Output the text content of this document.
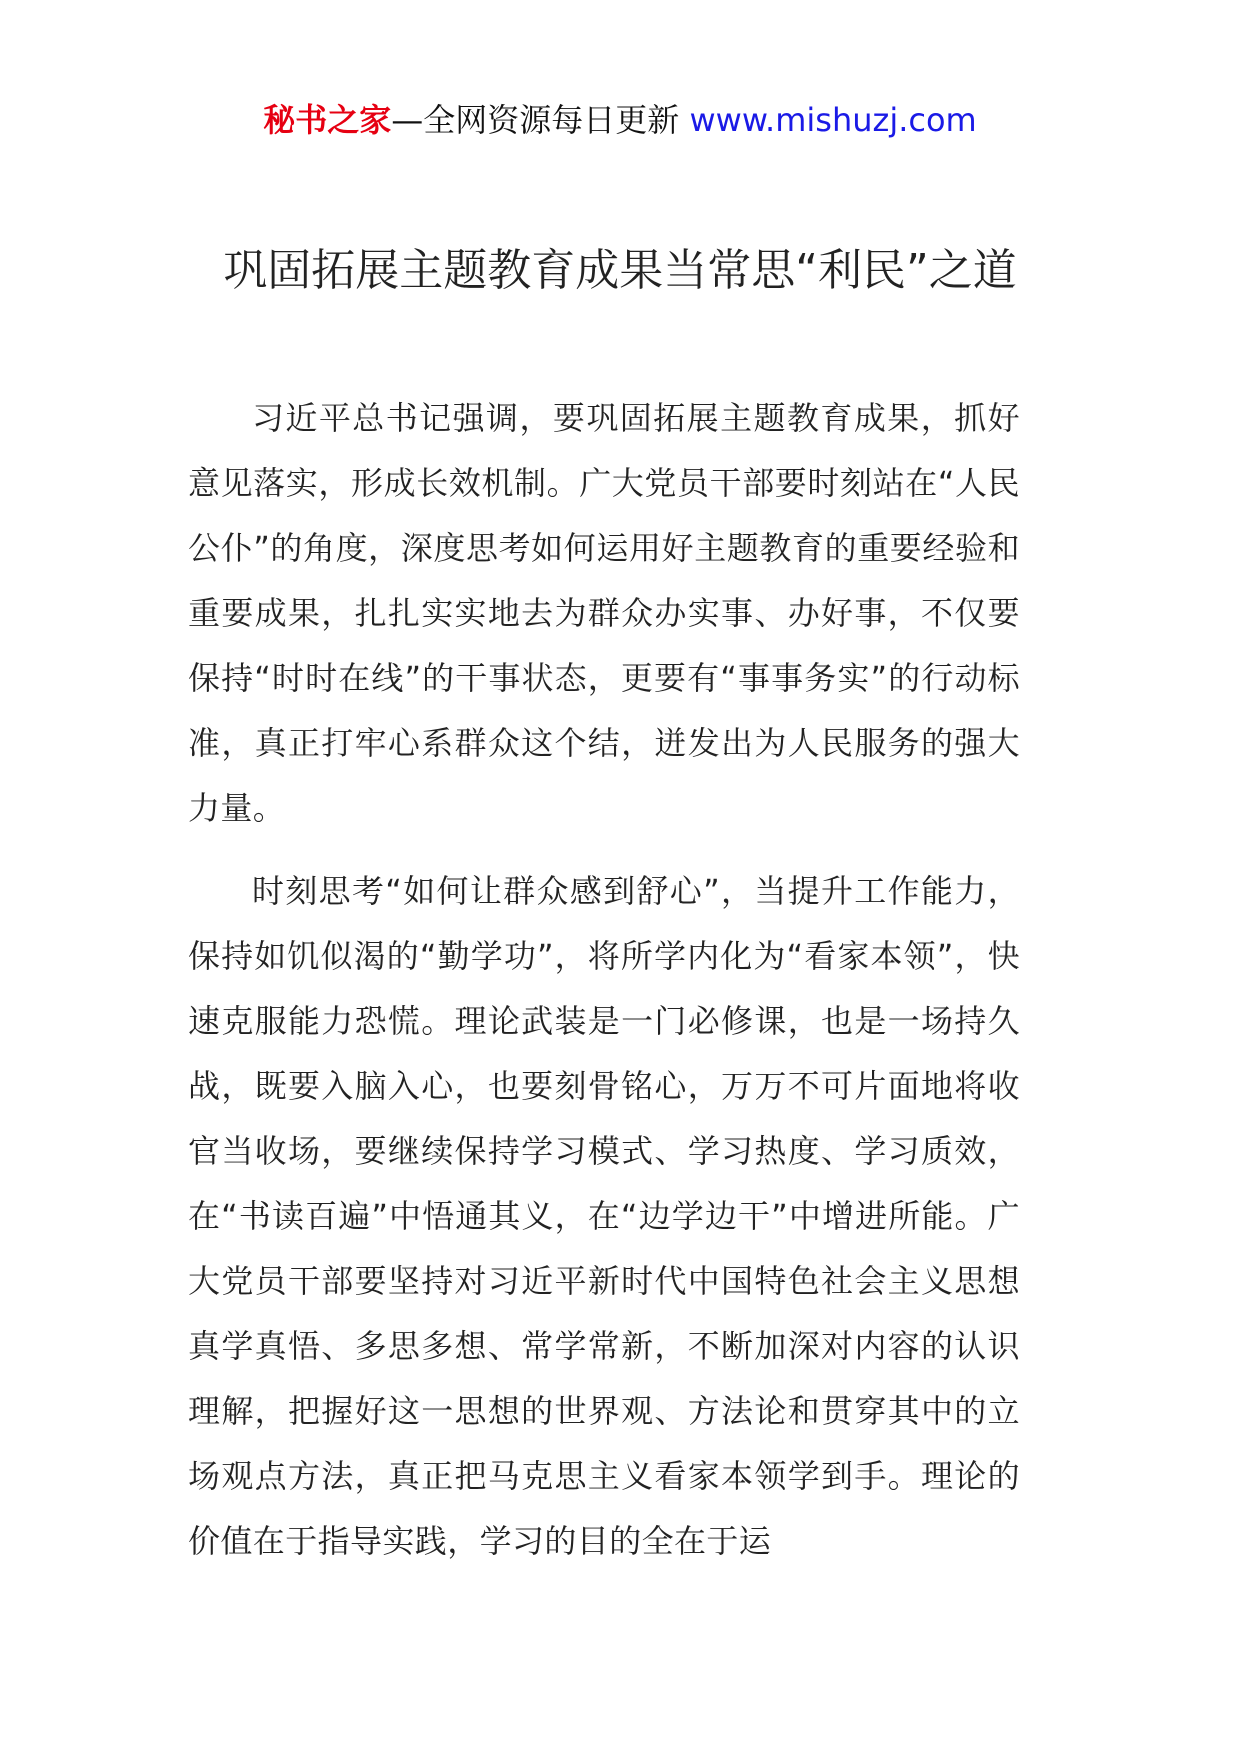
秘书之家—全网资源每日更新 www.mishuzj.com
巩固拓展主题教育成果当常思“利民”之道

习近平总书记强调，要巩固拓展主题教育成果，抓好意见落实，形成长效机制。广大党员干部要时刻站在“人民公仆”的角度，深度思考如何运用好主题教育的重要经验和重要成果，扎扎实实地去为群众办实事、办好事，不仅要保持“时时在线”的干事状态，更要有“事事务实”的行动标准，真正打牢心系群众这个结，迸发出为人民服务的强大力量。

时刻思考“如何让群众感到舒心”，当提升工作能力，保持如饥似渴的“勤学功”，将所学内化为“看家本领”，快速克服能力恐慌。理论武装是一门必修课，也是一场持久战，既要入脑入心，也要刻骨铭心，万万不可片面地将收官当收场，要继续保持学习模式、学习热度、学习质效，在“书读百遍”中悟通其义，在“边学边干”中增进所能。广大党员干部要坚持对习近平新时代中国特色社会主义思想真学真悟、多思多想、常学常新，不断加深对内容的认识理解，把握好这一思想的世界观、方法论和贯穿其中的立场观点方法，真正把马克思主义看家本领学到手。理论的价值在于指导实践，学习的目的全在于运
